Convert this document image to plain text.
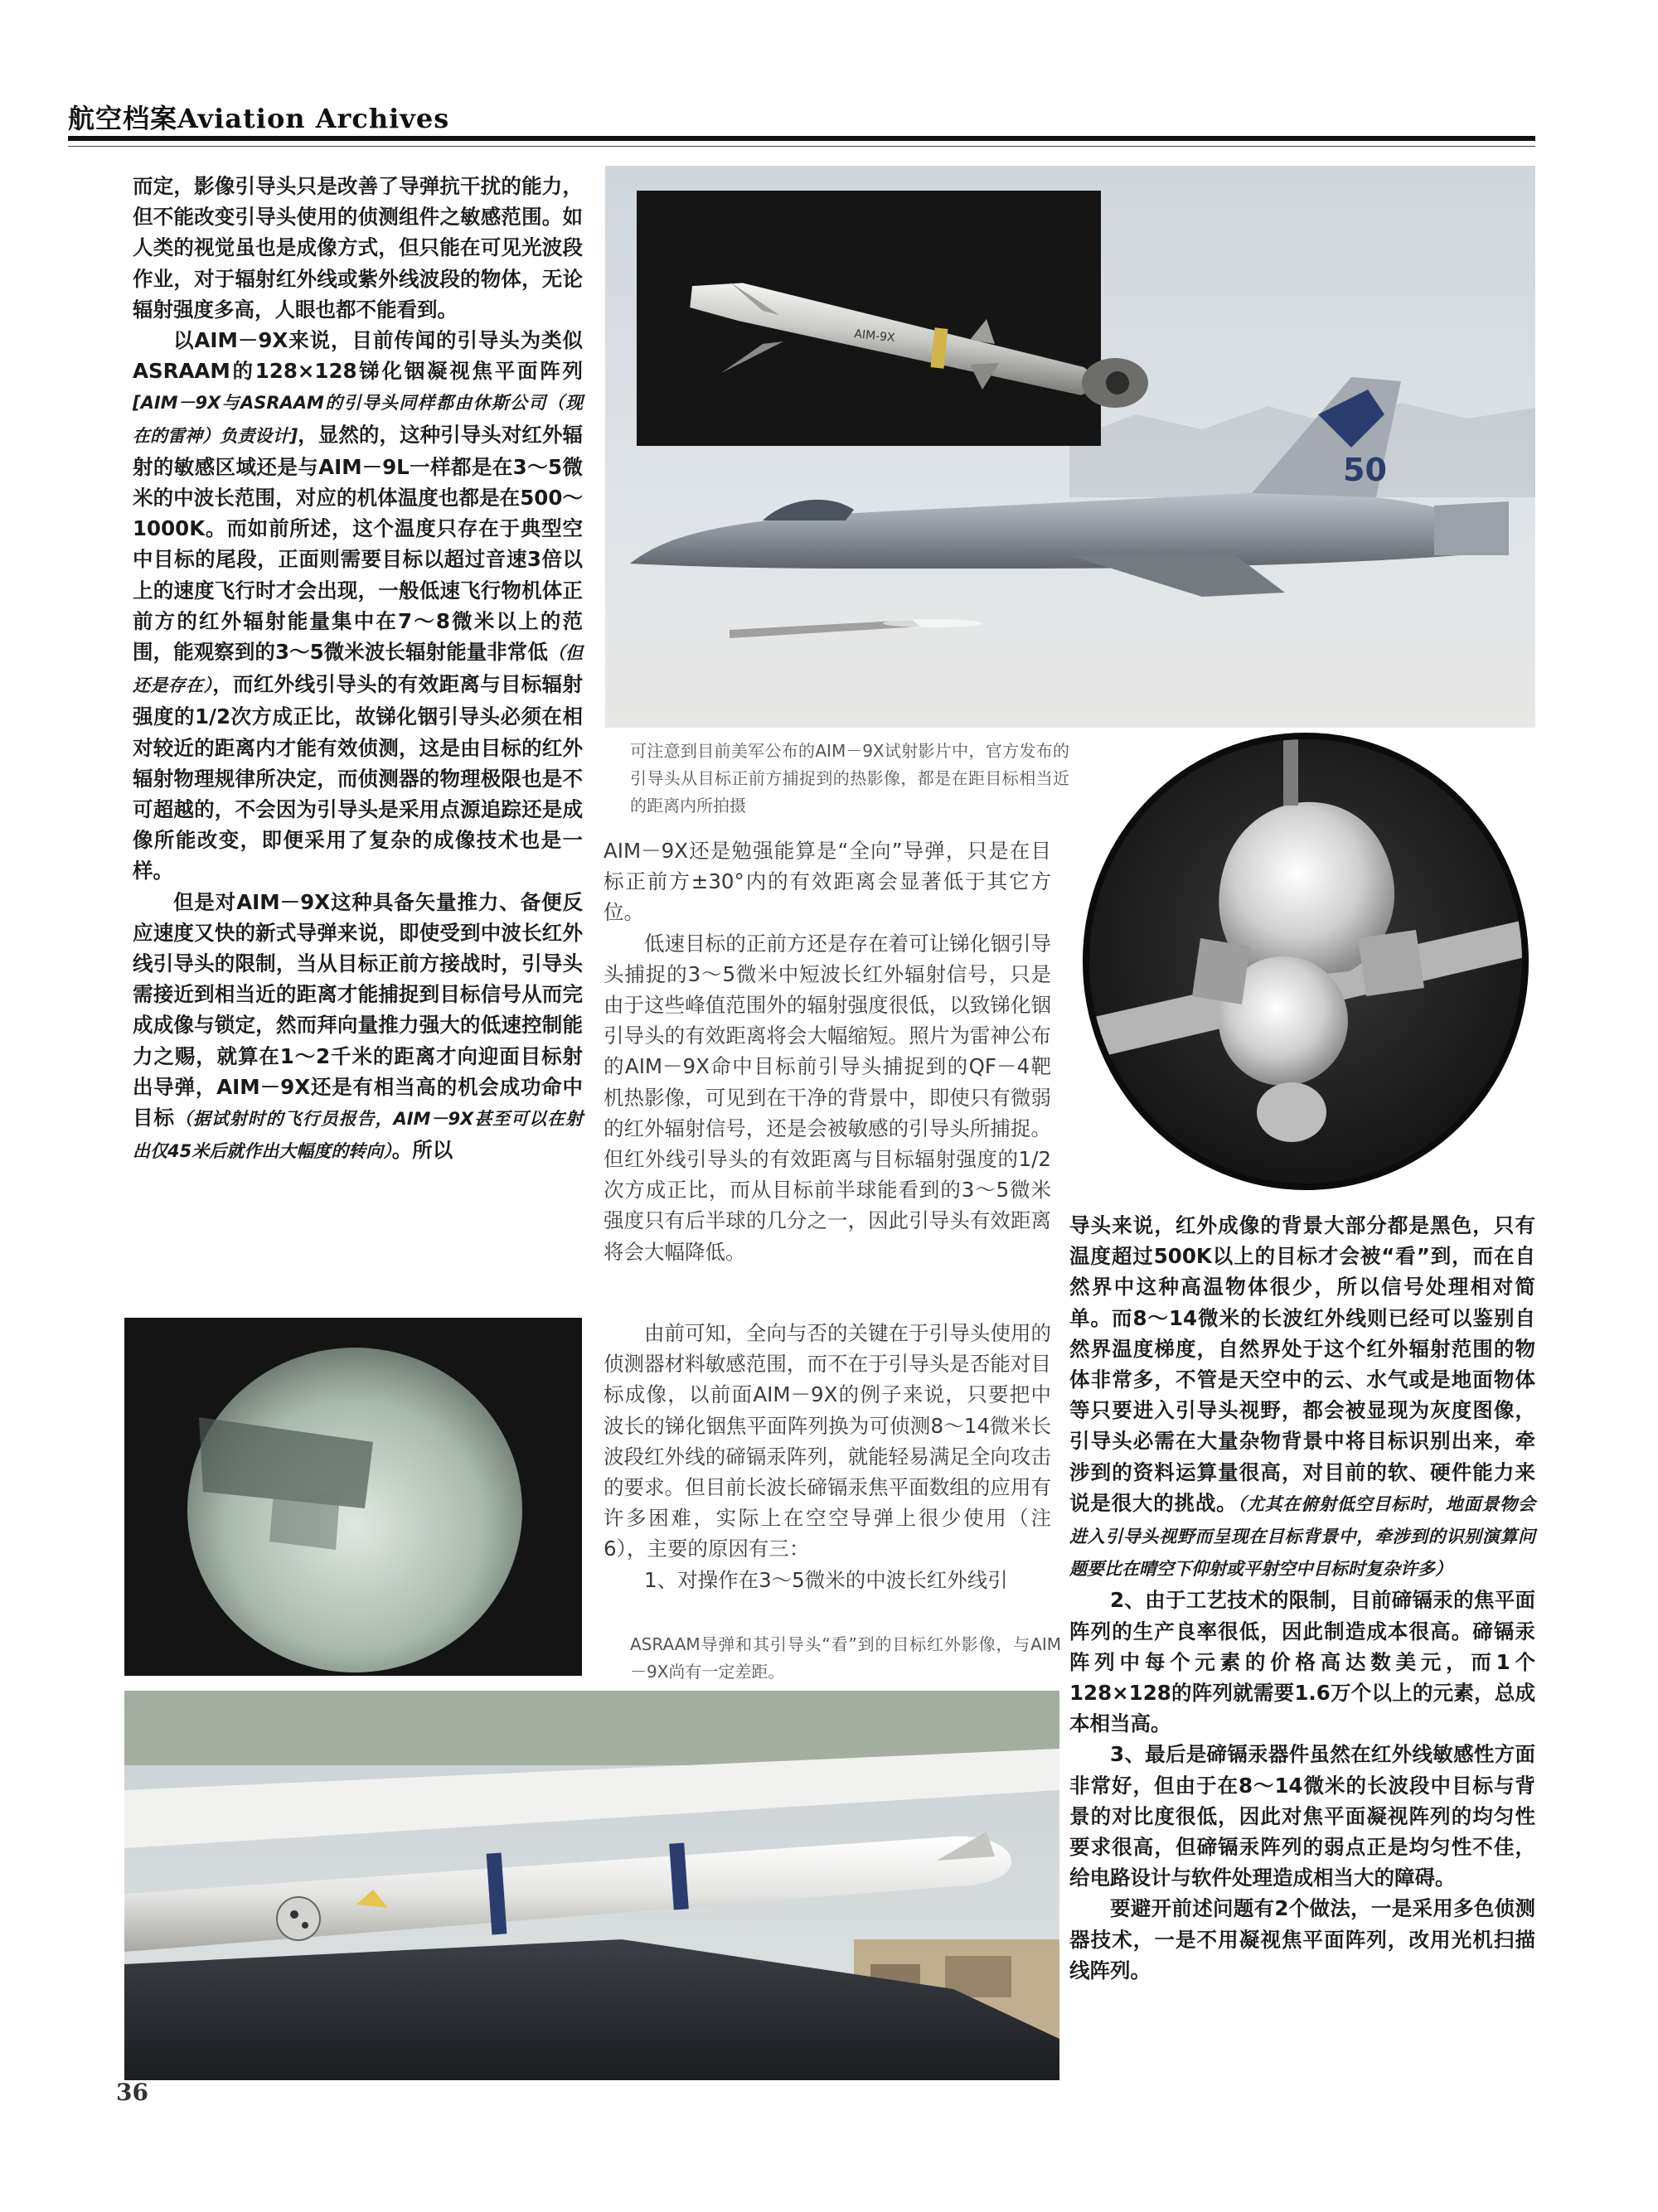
航空档案Aviation Archives

而定，影像引导头只是改善了导弹抗干扰的能力，但不能改变引导头使用的侦测组件之敏感范围。如人类的视觉虽也是成像方式，但只能在可见光波段作业，对于辐射红外线或紫外线波段的物体，无论辐射强度多高，人眼也都不能看到。

以AIM－9X来说，目前传闻的引导头为类似ASRAAM的128×128锑化铟凝视焦平面阵列[AIM－9X与ASRAAM的引导头同样都由休斯公司（现在的雷神）负责设计]，显然的，这种引导头对红外辐射的敏感区域还是与AIM－9L一样都是在3～5微米的中波长范围，对应的机体温度也都是在500～1000K。而如前所述，这个温度只存在于典型空中目标的尾段，正面则需要目标以超过音速3倍以上的速度飞行时才会出现，一般低速飞行物机体正前方的红外辐射能量集中在7～8微米以上的范围，能观察到的3～5微米波长辐射能量非常低（但还是存在），而红外线引导头的有效距离与目标辐射强度的1/2次方成正比，故锑化铟引导头必须在相对较近的距离内才能有效侦测，这是由目标的红外辐射物理规律所决定，而侦测器的物理极限也是不可超越的，不会因为引导头是采用点源追踪还是成像所能改变，即便采用了复杂的成像技术也是一样。

但是对AIM－9X这种具备矢量推力、备便反应速度又快的新式导弹来说，即使受到中波长红外线引导头的限制，当从目标正前方接战时，引导头需接近到相当近的距离才能捕捉到目标信号从而完成成像与锁定，然而拜向量推力强大的低速控制能力之赐，就算在1～2千米的距离才向迎面目标射出导弹，AIM－9X还是有相当高的机会成功命中目标（据试射时的飞行员报告，AIM－9X甚至可以在射出仅45米后就作出大幅度的转向）。所以

AIM-9X
50
可注意到目前美军公布的AIM－9X试射影片中，官方发布的引导头从目标正前方捕捉到的热影像，都是在距目标相当近的距离内所拍摄

AIM－9X还是勉强能算是“全向”导弹，只是在目标正前方±30°内的有效距离会显著低于其它方位。

低速目标的正前方还是存在着可让锑化铟引导头捕捉的3～5微米中短波长红外辐射信号，只是由于这些峰值范围外的辐射强度很低，以致锑化铟引导头的有效距离将会大幅缩短。照片为雷神公布的AIM－9X命中目标前引导头捕捉到的QF－4靶机热影像，可见到在干净的背景中，即使只有微弱的红外辐射信号，还是会被敏感的引导头所捕捉。但红外线引导头的有效距离与目标辐射强度的1/2次方成正比，而从目标前半球能看到的3～5微米强度只有后半球的几分之一，因此引导头有效距离将会大幅降低。

由前可知，全向与否的关键在于引导头使用的侦测器材料敏感范围，而不在于引导头是否能对目标成像，以前面AIM－9X的例子来说，只要把中波长的锑化铟焦平面阵列换为可侦测8～14微米长波段红外线的碲镉汞阵列，就能轻易满足全向攻击的要求。但目前长波长碲镉汞焦平面数组的应用有许多困难，实际上在空空导弹上很少使用（注6），主要的原因有三：

1、对操作在3～5微米的中波长红外线引

ASRAAM导弹和其引导头“看”到的目标红外影像，与AIM－9X尚有一定差距。

导头来说，红外成像的背景大部分都是黑色，只有温度超过500K以上的目标才会被“看”到，而在自然界中这种高温物体很少，所以信号处理相对简单。而8～14微米的长波红外线则已经可以鉴别自然界温度梯度，自然界处于这个红外辐射范围的物体非常多，不管是天空中的云、水气或是地面物体等只要进入引导头视野，都会被显现为灰度图像，引导头必需在大量杂物背景中将目标识别出来，牵涉到的资料运算量很高，对目前的软、硬件能力来说是很大的挑战。（尤其在俯射低空目标时，地面景物会进入引导头视野而呈现在目标背景中，牵涉到的识别演算问题要比在晴空下仰射或平射空中目标时复杂许多）

2、由于工艺技术的限制，目前碲镉汞的焦平面阵列的生产良率很低，因此制造成本很高。碲镉汞阵列中每个元素的价格高达数美元，而1个128×128的阵列就需要1.6万个以上的元素，总成本相当高。

3、最后是碲镉汞器件虽然在红外线敏感性方面非常好，但由于在8～14微米的长波段中目标与背景的对比度很低，因此对焦平面凝视阵列的均匀性要求很高，但碲镉汞阵列的弱点正是均匀性不佳，给电路设计与软件处理造成相当大的障碍。

要避开前述问题有2个做法，一是采用多色侦测器技术，一是不用凝视焦平面阵列，改用光机扫描线阵列。

36
